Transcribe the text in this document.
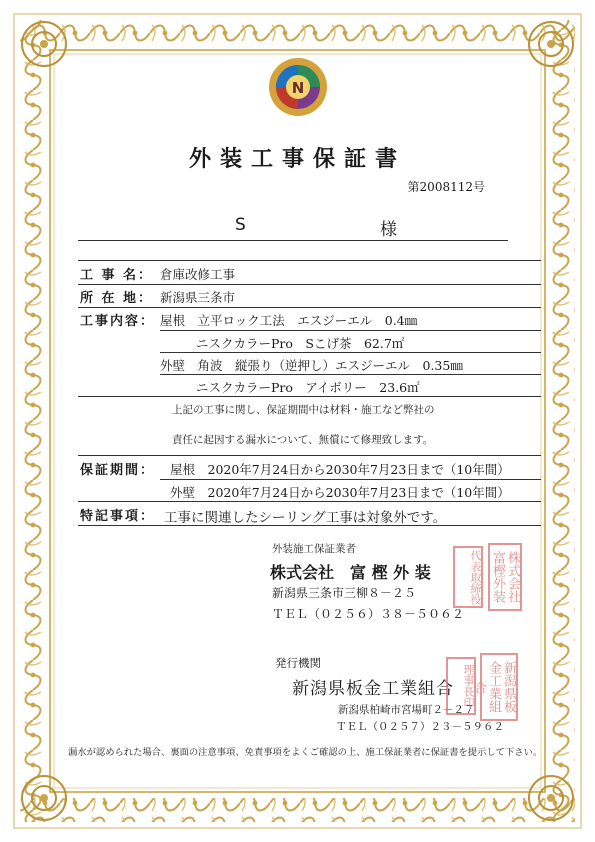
N
外装工事保証書
第2008112号
S	様
工 事 名： 倉庫改修工事
所 在 地： 新潟県三条市
工事内容： 屋根　立平ロック工法　エスジーエル　0.4㎜
ニスクカラーPro　Sこげ茶　62.7㎡
外壁　角波　縦張り（逆押し）エスジーエル　0.35㎜
ニスクカラーPro　アイボリー　23.6㎡
上記の工事に関し、保証期間中は材料・施工など弊社の
責任に起因する漏水について、無償にて修理致します。
保証期間： 屋根　2020年7月24日から2030年7月23日まで（10年間）
外壁　2020年7月24日から2030年7月23日まで（10年間）
特記事項： 工事に関連したシーリング工事は対象外です。
外装施工保証業者
株式会社　富 樫 外 装
新潟県三条市三柳８－２５
ＴＥＬ（０２５６）３８－５０６２
株式会社富樫外装
代表取締役
発行機関
新潟県板金工業組合
新潟県柏崎市宮場町２－２７
ＴＥＬ（０２５７）２３－５９６２
新潟県板金工業組合
理事長印
漏水が認められた場合、裏面の注意事項、免責事項をよくご確認の上、施工保証業者に保証書を提示して下さい。
